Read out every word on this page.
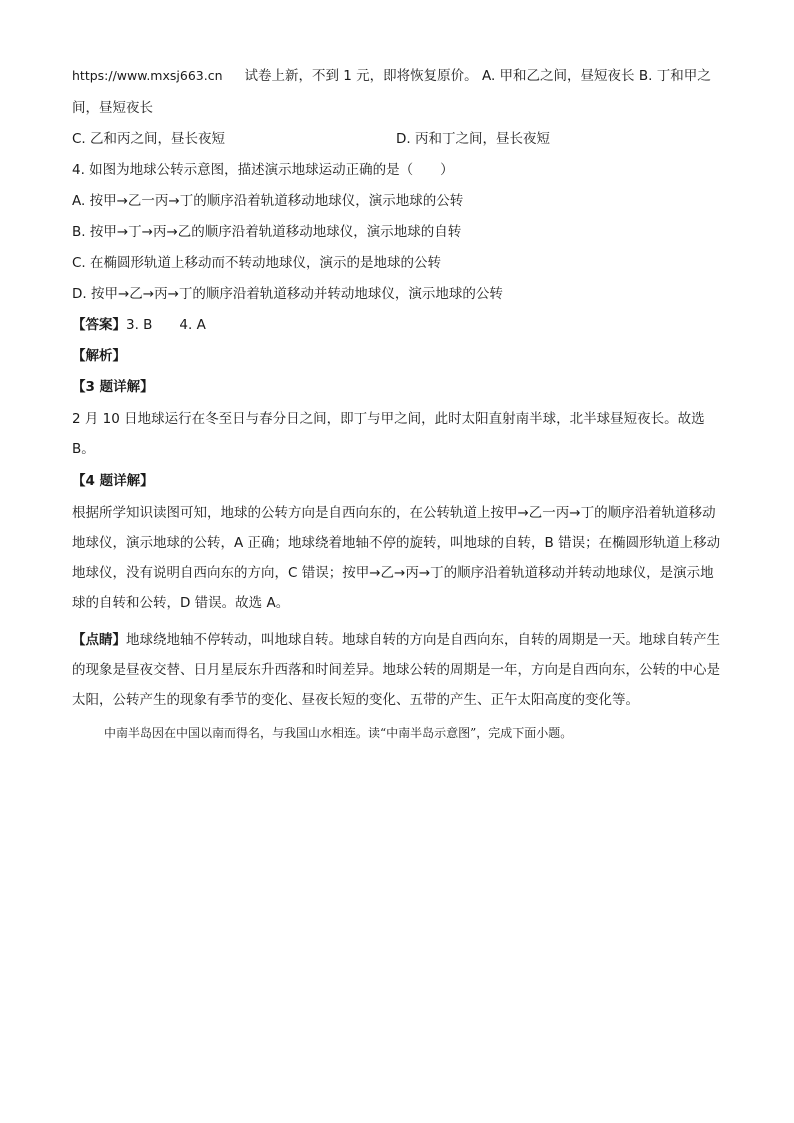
https://www.mxsj663.cn 试卷上新，不到 1 元，即将恢复原价。 A. 甲和乙之间，昼短夜长 B. 丁和甲之
间，昼短夜长
C. 乙和丙之间，昼长夜短	D. 丙和丁之间，昼长夜短
4. 如图为地球公转示意图，描述演示地球运动正确的是（　　）
A. 按甲→乙一丙→丁的顺序沿着轨道移动地球仪，演示地球的公转
B. 按甲→丁→丙→乙的顺序沿着轨道移动地球仪，演示地球的自转
C. 在椭圆形轨道上移动而不转动地球仪，演示的是地球的公转
D. 按甲→乙→丙→丁的顺序沿着轨道移动并转动地球仪，演示地球的公转
【答案】3. B　　4. A
【解析】
【3 题详解】
2 月 10 日地球运行在冬至日与春分日之间，即丁与甲之间，此时太阳直射南半球，北半球昼短夜长。故选 B。
【4 题详解】
根据所学知识读图可知，地球的公转方向是自西向东的，在公转轨道上按甲→乙一丙→丁的顺序沿着轨道移动地球仪，演示地球的公转，A 正确；地球绕着地轴不停的旋转，叫地球的自转，B 错误；在椭圆形轨道上移动地球仪，没有说明自西向东的方向，C 错误；按甲→乙→丙→丁的顺序沿着轨道移动并转动地球仪，是演示地球的自转和公转，D 错误。故选 A。
【点睛】地球绕地轴不停转动，叫地球自转。地球自转的方向是自西向东，自转的周期是一天。地球自转产生的现象是昼夜交替、日月星辰东升西落和时间差异。地球公转的周期是一年，方向是自西向东，公转的中心是太阳，公转产生的现象有季节的变化、昼夜长短的变化、五带的产生、正午太阳高度的变化等。
中南半岛因在中国以南而得名，与我国山水相连。读“中南半岛示意图”，完成下面小题。
